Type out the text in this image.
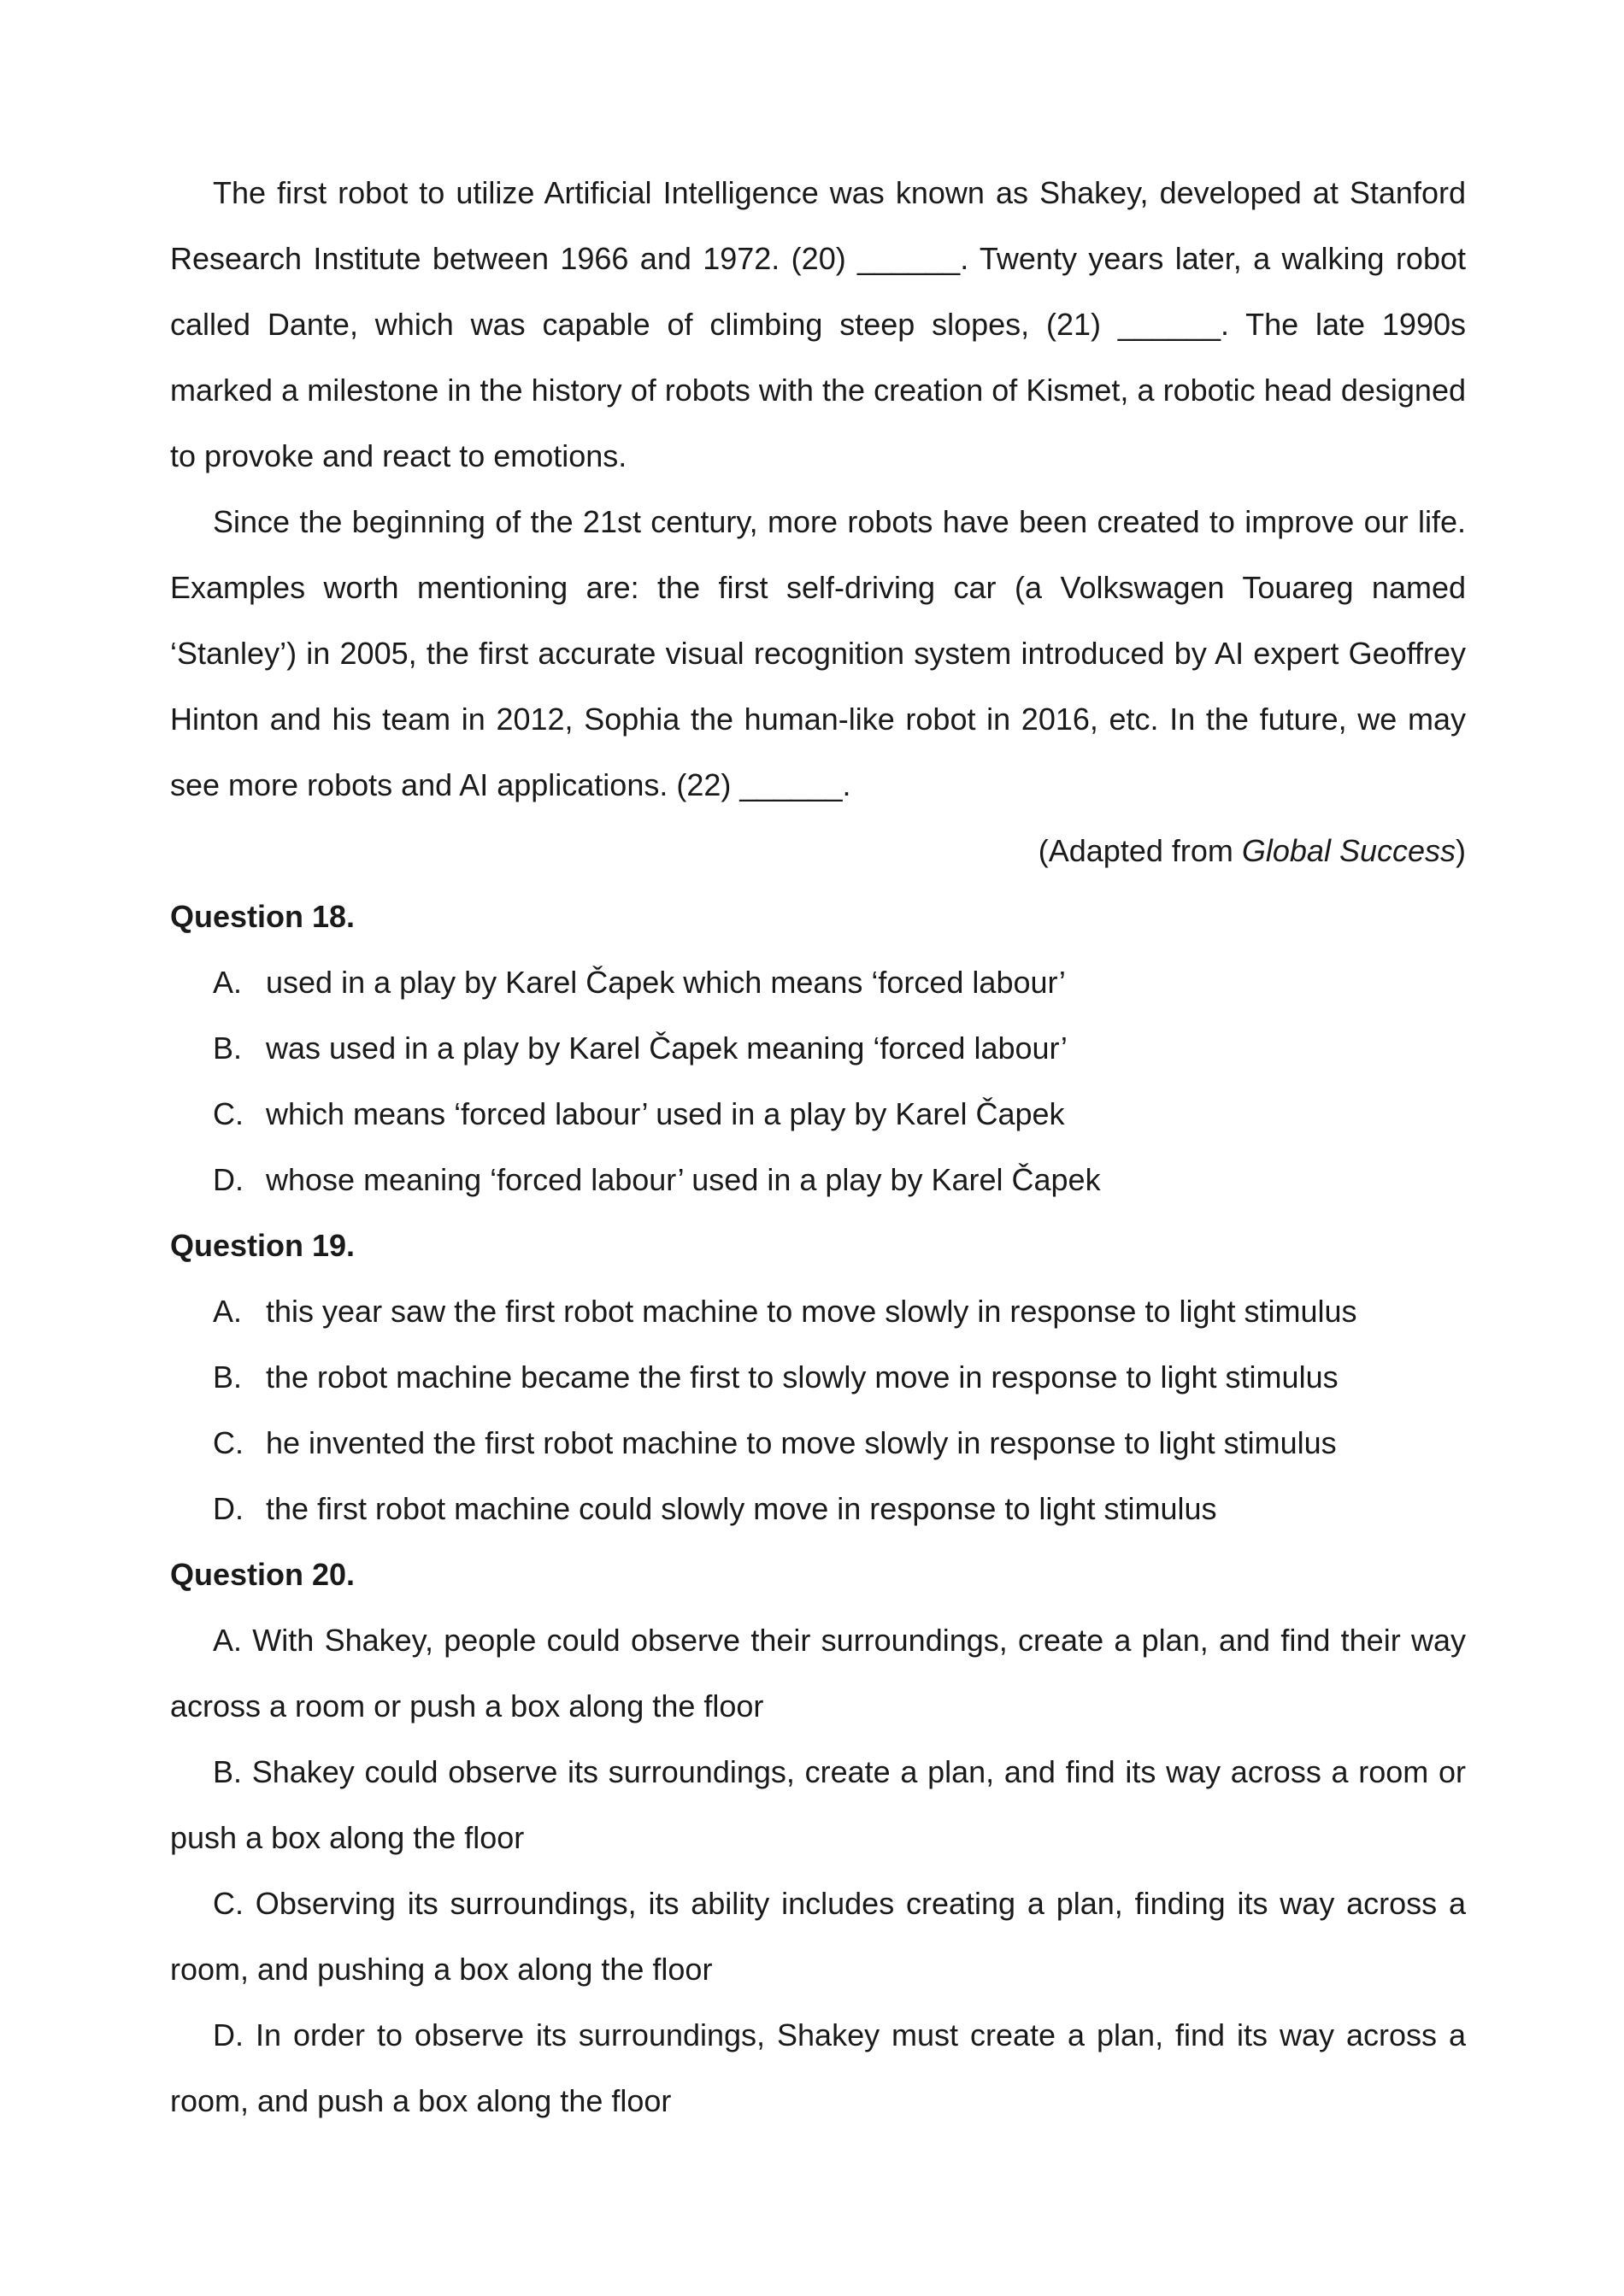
The first robot to utilize Artificial Intelligence was known as Shakey, developed at Stanford Research Institute between 1966 and 1972. (20) ______. Twenty years later, a walking robot called Dante, which was capable of climbing steep slopes, (21) ______. The late 1990s marked a milestone in the history of robots with the creation of Kismet, a robotic head designed to provoke and react to emotions.

Since the beginning of the 21st century, more robots have been created to improve our life. Examples worth mentioning are: the first self-driving car (a Volkswagen Touareg named ‘Stanley’) in 2005, the first accurate visual recognition system introduced by AI expert Geoffrey Hinton and his team in 2012, Sophia the human-like robot in 2016, etc. In the future, we may see more robots and AI applications. (22) ______.

(Adapted from Global Success)

Question 18.

A. used in a play by Karel Čapek which means ‘forced labour’
B. was used in a play by Karel Čapek meaning ‘forced labour’
C. which means ‘forced labour’ used in a play by Karel Čapek
D. whose meaning ‘forced labour’ used in a play by Karel Čapek

Question 19.

A. this year saw the first robot machine to move slowly in response to light stimulus
B. the robot machine became the first to slowly move in response to light stimulus
C. he invented the first robot machine to move slowly in response to light stimulus
D. the first robot machine could slowly move in response to light stimulus

Question 20.

A. With Shakey, people could observe their surroundings, create a plan, and find their way across a room or push a box along the floor

B. Shakey could observe its surroundings, create a plan, and find its way across a room or push a box along the floor

C. Observing its surroundings, its ability includes creating a plan, finding its way across a room, and pushing a box along the floor

D. In order to observe its surroundings, Shakey must create a plan, find its way across a room, and push a box along the floor
